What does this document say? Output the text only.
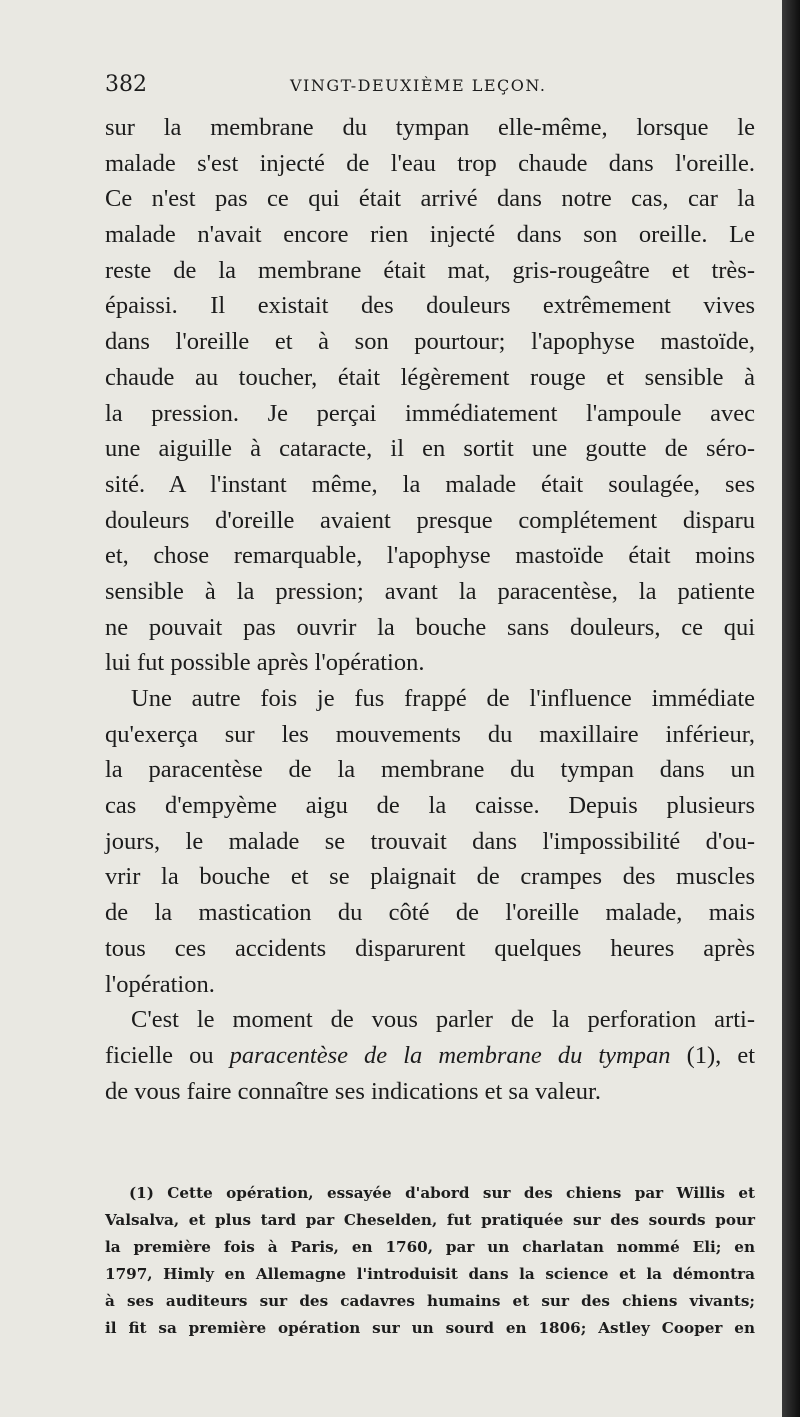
382	VINGT-DEUXIÈME LEÇON.
sur la membrane du tympan elle-même, lorsque le
malade s'est injecté de l'eau trop chaude dans l'oreille.
Ce n'est pas ce qui était arrivé dans notre cas, car la
malade n'avait encore rien injecté dans son oreille. Le
reste de la membrane était mat, gris-rougeâtre et très-
épaissi. Il existait des douleurs extrêmement vives
dans l'oreille et à son pourtour; l'apophyse mastoïde,
chaude au toucher, était légèrement rouge et sensible à
la pression. Je perçai immédiatement l'ampoule avec
une aiguille à cataracte, il en sortit une goutte de séro-
sité. A l'instant même, la malade était soulagée, ses
douleurs d'oreille avaient presque complétement disparu
et, chose remarquable, l'apophyse mastoïde était moins
sensible à la pression; avant la paracentèse, la patiente
ne pouvait pas ouvrir la bouche sans douleurs, ce qui
lui fut possible après l'opération.
Une autre fois je fus frappé de l'influence immédiate
qu'exerça sur les mouvements du maxillaire inférieur,
la paracentèse de la membrane du tympan dans un
cas d'empyème aigu de la caisse. Depuis plusieurs
jours, le malade se trouvait dans l'impossibilité d'ou-
vrir la bouche et se plaignait de crampes des muscles
de la mastication du côté de l'oreille malade, mais
tous ces accidents disparurent quelques heures après
l'opération.
C'est le moment de vous parler de la perforation arti-
ficielle ou paracentèse de la membrane du tympan (1), et
de vous faire connaître ses indications et sa valeur.
(1) Cette opération, essayée d'abord sur des chiens par Willis et
Valsalva, et plus tard par Cheselden, fut pratiquée sur des sourds pour
la première fois à Paris, en 1760, par un charlatan nommé Eli; en
1797, Himly en Allemagne l'introduisit dans la science et la démontra
à ses auditeurs sur des cadavres humains et sur des chiens vivants;
il fit sa première opération sur un sourd en 1806; Astley Cooper en
